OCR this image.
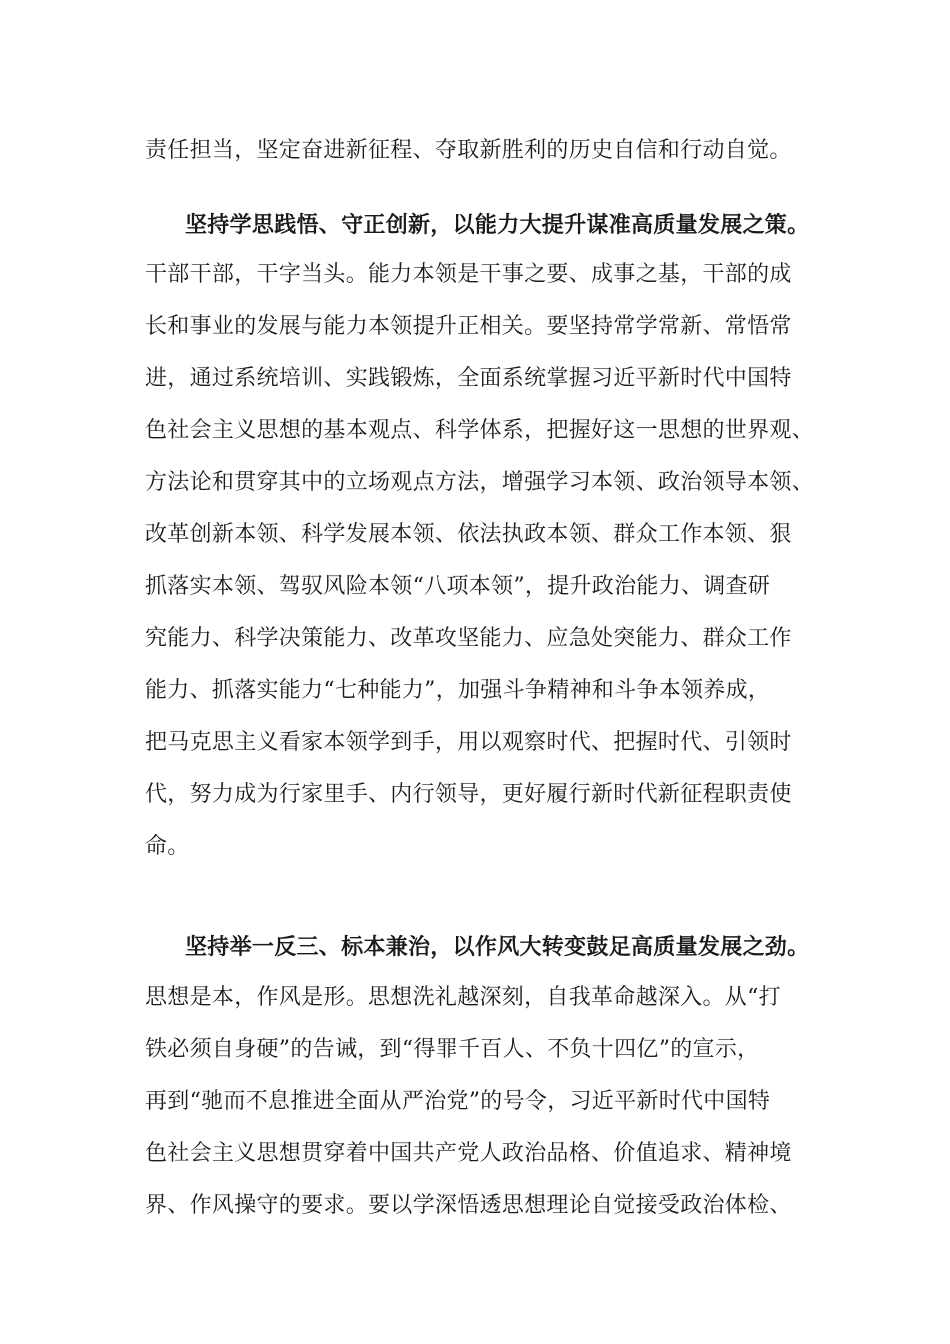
责任担当，坚定奋进新征程、夺取新胜利的历史自信和行动自觉。
坚持学思践悟、守正创新，以能力大提升谋准高质量发展之策。
干部干部，干字当头。能力本领是干事之要、成事之基，干部的成
长和事业的发展与能力本领提升正相关。要坚持常学常新、常悟常
进，通过系统培训、实践锻炼，全面系统掌握习近平新时代中国特
色社会主义思想的基本观点、科学体系，把握好这一思想的世界观、
方法论和贯穿其中的立场观点方法，增强学习本领、政治领导本领、
改革创新本领、科学发展本领、依法执政本领、群众工作本领、狠
抓落实本领、驾驭风险本领“八项本领”，提升政治能力、调查研
究能力、科学决策能力、改革攻坚能力、应急处突能力、群众工作
能力、抓落实能力“七种能力”，加强斗争精神和斗争本领养成，
把马克思主义看家本领学到手，用以观察时代、把握时代、引领时
代，努力成为行家里手、内行领导，更好履行新时代新征程职责使
命。
坚持举一反三、标本兼治，以作风大转变鼓足高质量发展之劲。
思想是本，作风是形。思想洗礼越深刻，自我革命越深入。从“打
铁必须自身硬”的告诫，到“得罪千百人、不负十四亿”的宣示，
再到“驰而不息推进全面从严治党”的号令，习近平新时代中国特
色社会主义思想贯穿着中国共产党人政治品格、价值追求、精神境
界、作风操守的要求。要以学深悟透思想理论自觉接受政治体检、
